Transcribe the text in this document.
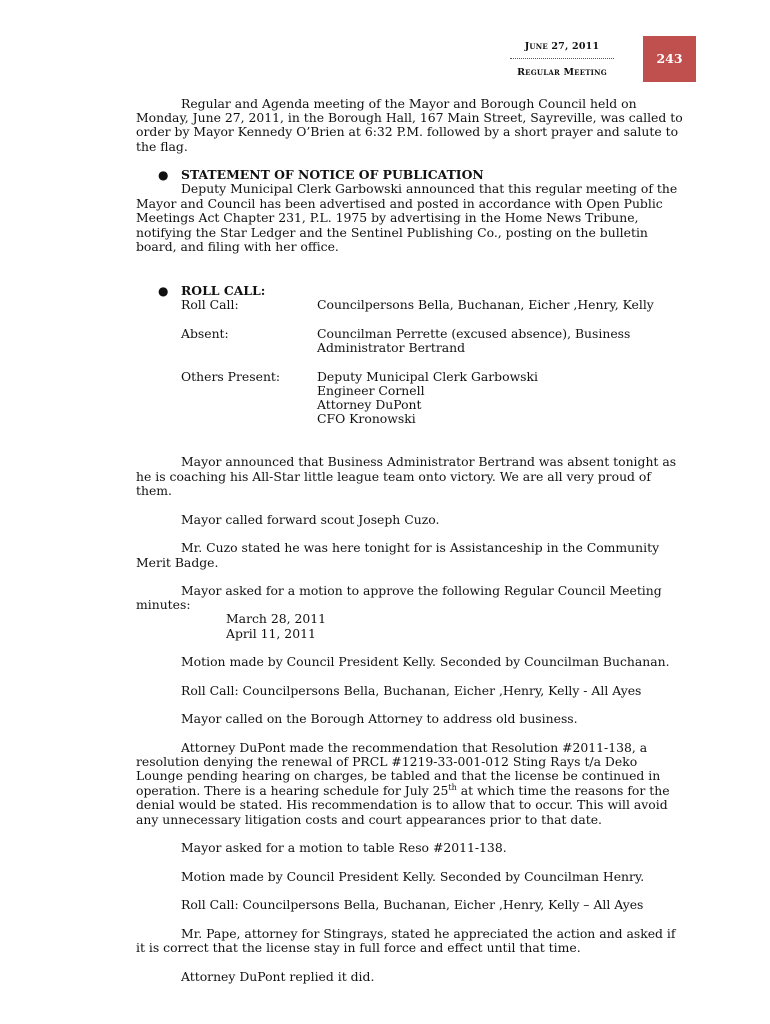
June 27, 2011
Regular Meeting
243

Regular and Agenda meeting of the Mayor and Borough Council held on

Monday, June 27, 2011, in the Borough Hall, 167 Main Street, Sayreville, was called to

order by Mayor Kennedy O’Brien at 6:32 P.M. followed by a short prayer and salute to

the flag.

● STATEMENT OF NOTICE OF PUBLICATION

Deputy Municipal Clerk Garbowski announced that this regular meeting of the

Mayor and Council has been advertised and posted in accordance with Open Public

Meetings Act Chapter 231, P.L. 1975 by advertising in the Home News Tribune,

notifying the Star Ledger and the Sentinel Publishing Co., posting on the bulletin

board, and filing with her office.

● ROLL CALL:
Roll Call:	Councilpersons Bella, Buchanan, Eicher ,Henry, Kelly
Absent:	Councilman Perrette (excused absence), Business
Administrator Bertrand
Others Present:	Deputy Municipal Clerk Garbowski
Engineer Cornell
Attorney DuPont
CFO Kronowski

Mayor announced that Business Administrator Bertrand was absent tonight as

he is coaching his All-Star little league team onto victory. We are all very proud of

them.

Mayor called forward scout Joseph Cuzo.

Mr. Cuzo stated he was here tonight for is Assistanceship in the Community

Merit Badge.

Mayor asked for a motion to approve the following Regular Council Meeting

minutes:

March 28, 2011

April 11, 2011

Motion made by Council President Kelly. Seconded by Councilman Buchanan.

Roll Call: Councilpersons Bella, Buchanan, Eicher ,Henry, Kelly - All Ayes

Mayor called on the Borough Attorney to address old business.

Attorney DuPont made the recommendation that Resolution #2011-138, a

resolution denying the renewal of PRCL #1219-33-001-012 Sting Rays t/a Deko

Lounge pending hearing on charges, be tabled and that the license be continued in

operation. There is a hearing schedule for July 25th at which time the reasons for the

denial would be stated. His recommendation is to allow that to occur. This will avoid

any unnecessary litigation costs and court appearances prior to that date.

Mayor asked for a motion to table Reso #2011-138.

Motion made by Council President Kelly. Seconded by Councilman Henry.

Roll Call: Councilpersons Bella, Buchanan, Eicher ,Henry, Kelly – All Ayes

Mr. Pape, attorney for Stingrays, stated he appreciated the action and asked if

it is correct that the license stay in full force and effect until that time.

Attorney DuPont replied it did.
